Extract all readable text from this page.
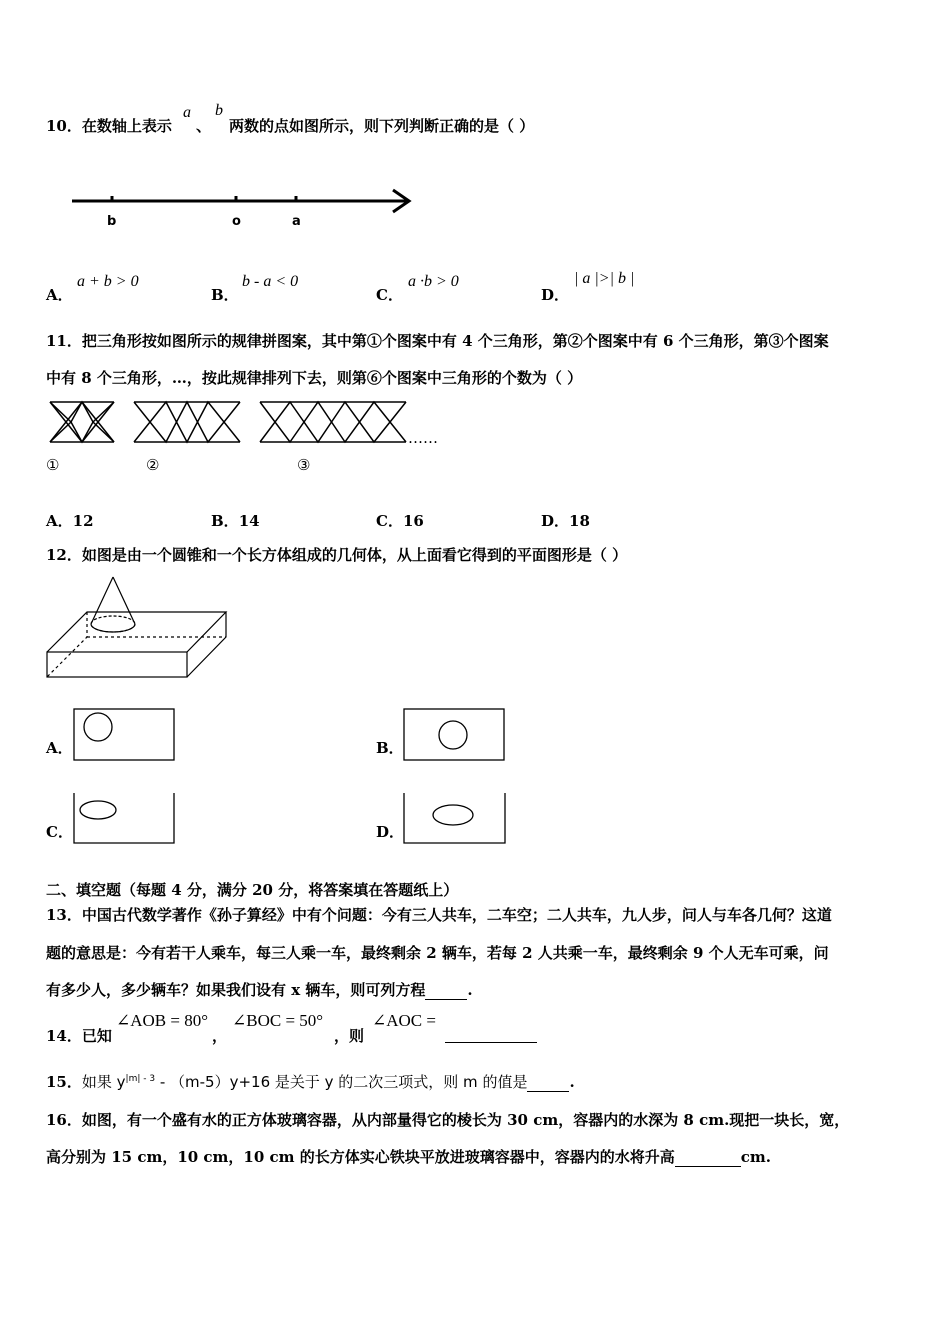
10．在数轴上表示
a
、
b
两数的点如图所示，则下列判断正确的是（ ）
b	o	a
A．
a + b > 0
B．
b - a < 0
C．
a ·b > 0
D．
| a |>| b |
11．把三角形按如图所示的规律拼图案，其中第①个图案中有 4 个三角形，第②个图案中有 6 个三角形，第③个图案
中有 8 个三角形，…，按此规律排列下去，则第⑥个图案中三角形的个数为（ ）
……
①	②	③
A．12	B．14	C．16	D．18
12．如图是由一个圆锥和一个长方体组成的几何体，从上面看它得到的平面图形是（ ）
A．	B．
C．	D．
二、填空题（每题 4 分，满分 20 分，将答案填在答题纸上）
13．中国古代数学著作《孙子算经》中有个问题：今有三人共车，二车空；二人共车，九人步，问人与车各几何？这道
题的意思是：今有若干人乘车，每三人乘一车，最终剩余 2 辆车，若每 2 人共乘一车，最终剩余 9 个人无车可乘，问
有多少人，多少辆车？如果我们设有 x 辆车，则可列方程	.
14．已知
∠AOB = 80°
，
∠BOC = 50°
，则
∠AOC =
15．如果 $y^{|m| - 3} - (m-5)y+16$ 是关于 y 的二次三项式，则 m 的值是	.
16．如图，有一个盛有水的正方体玻璃容器，从内部量得它的棱长为 30 cm，容器内的水深为 8 cm.现把一块长，宽，
高分别为 15 cm，10 cm，10 cm 的长方体实心铁块平放进玻璃容器中，容器内的水将升高	cm.
